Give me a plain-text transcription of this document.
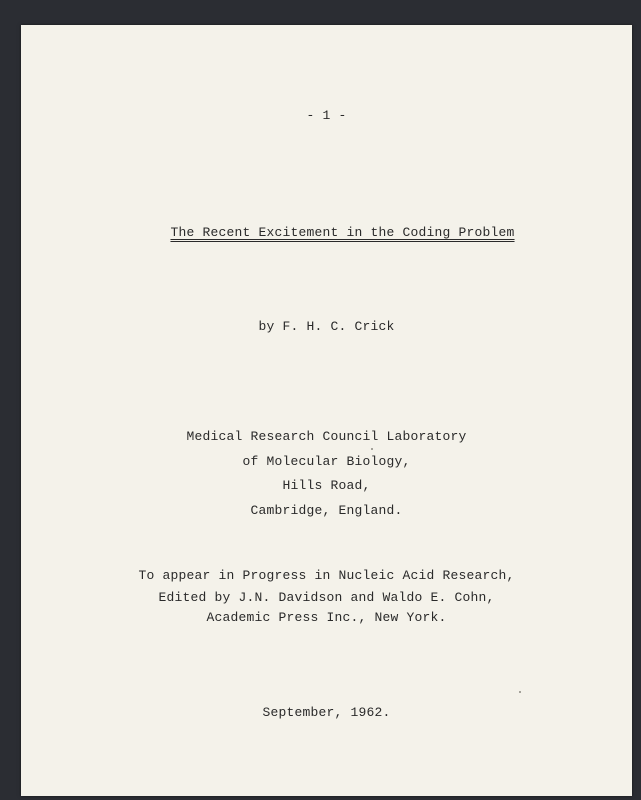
- 1 -

The Recent Excitement in the Coding Problem

by F. H. C. Crick
Medical Research Council Laboratory
of Molecular Biology,
Hills Road,
Cambridge, England.
To appear in Progress in Nucleic Acid Research,
Edited by J.N. Davidson and Waldo E. Cohn,
Academic Press Inc., New York.
September, 1962.
